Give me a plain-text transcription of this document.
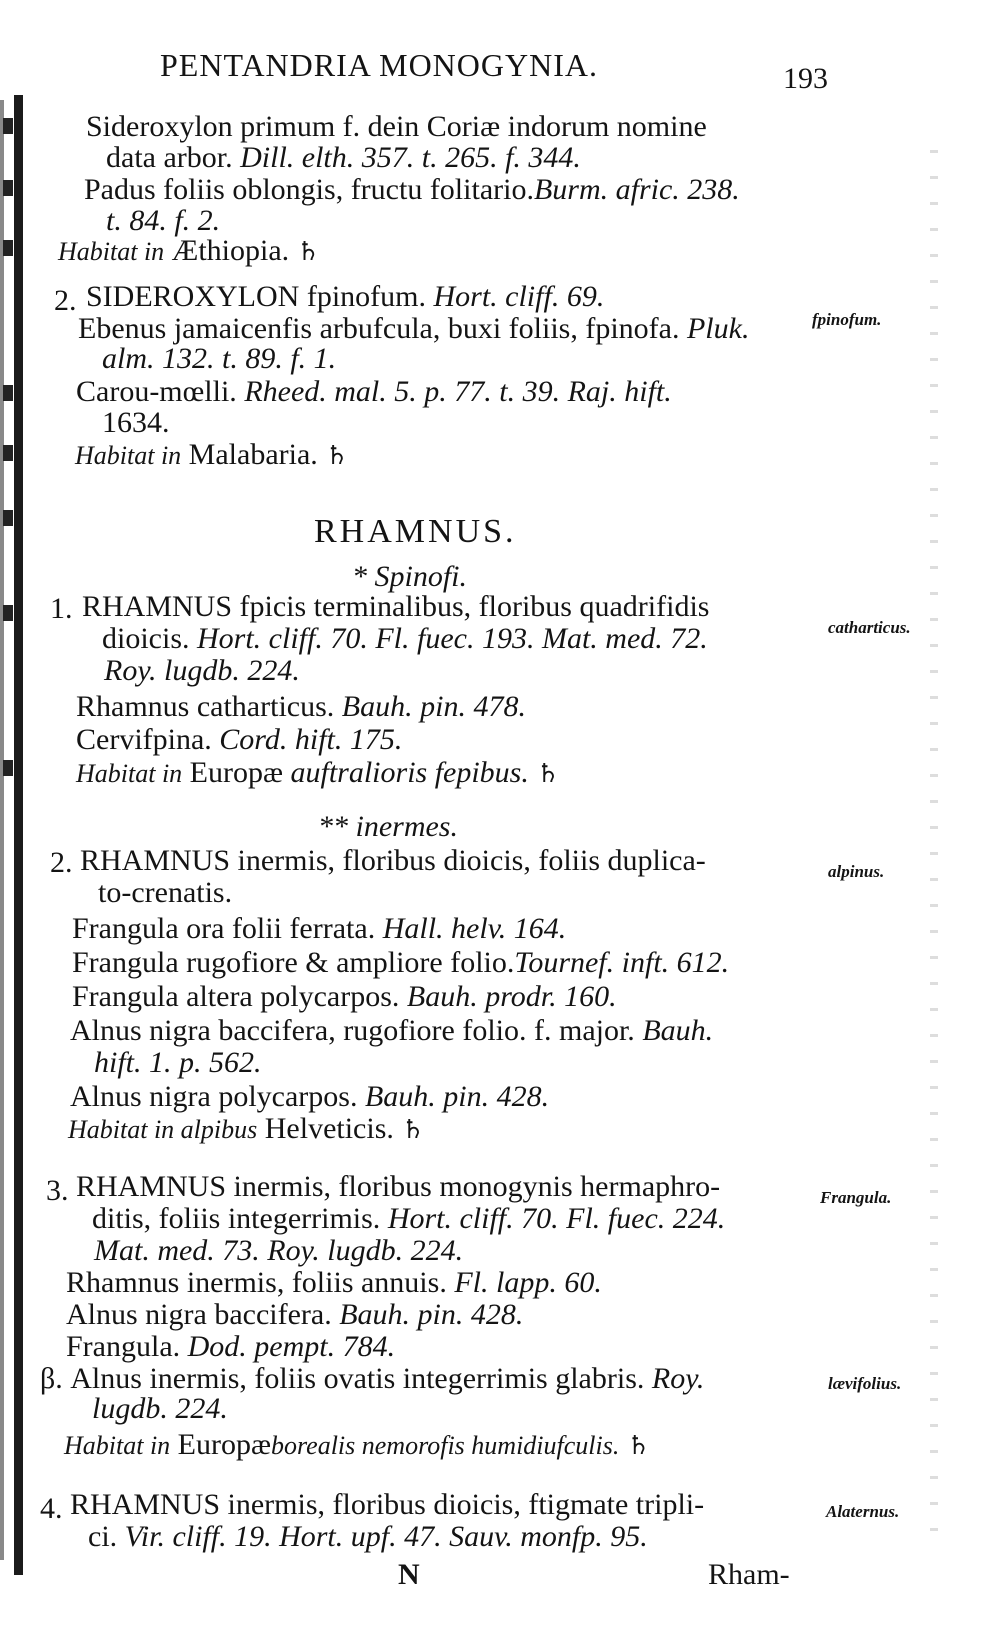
PENTANDRIA MONOGYNIA.	193
Sideroxylon primum f. dein Coriæ indorum nomine
data arbor. Dill. elth. 357. t. 265. f. 344.
Padus foliis oblongis, fructu folitario.Burm. afric. 238.
t. 84. f. 2.
Habitat in Æthiopia. ♄
2. SIDEROXYLON fpinofum. Hort. cliff. 69.
fpinofum.
Ebenus jamaicenfis arbufcula, buxi foliis, fpinofa. Pluk.
alm. 132. t. 89. f. 1.
Carou-mœlli. Rheed. mal. 5. p. 77. t. 39. Raj. hift.
1634.
Habitat in Malabaria. ♄
RHAMNUS.
* Spinofi.
1. RHAMNUS fpicis terminalibus, floribus quadrifidis
catharticus.
dioicis. Hort. cliff. 70. Fl. fuec. 193. Mat. med. 72.
Roy. lugdb. 224.
Rhamnus catharticus. Bauh. pin. 478.
Cervifpina. Cord. hift. 175.
Habitat in Europæ auftralioris fepibus. ♄
** inermes.
2. RHAMNUS inermis, floribus dioicis, foliis duplica-	alpinus.
to-crenatis.
Frangula ora folii ferrata. Hall. helv. 164.
Frangula rugofiore & ampliore folio.Tournef. inft. 612.
Frangula altera polycarpos. Bauh. prodr. 160.
Alnus nigra baccifera, rugofiore folio. f. major. Bauh.
hift. 1. p. 562.
Alnus nigra polycarpos. Bauh. pin. 428.
Habitat in alpibus Helveticis. ♄
3. RHAMNUS inermis, floribus monogynis hermaphro-	Frangula.
ditis, foliis integerrimis. Hort. cliff. 70. Fl. fuec. 224.
Mat. med. 73. Roy. lugdb. 224.
Rhamnus inermis, foliis annuis. Fl. lapp. 60.
Alnus nigra baccifera. Bauh. pin. 428.
Frangula. Dod. pempt. 784.
β. Alnus inermis, foliis ovatis integerrimis glabris. Roy.	lævifolius.
lugdb. 224.
Habitat in Europæborealis nemorofis humidiufculis. ♄
4. RHAMNUS inermis, floribus dioicis, ftigmate tripli-	Alaternus.
ci. Vir. cliff. 19. Hort. upf. 47. Sauv. monfp. 95.
N	Rham-
